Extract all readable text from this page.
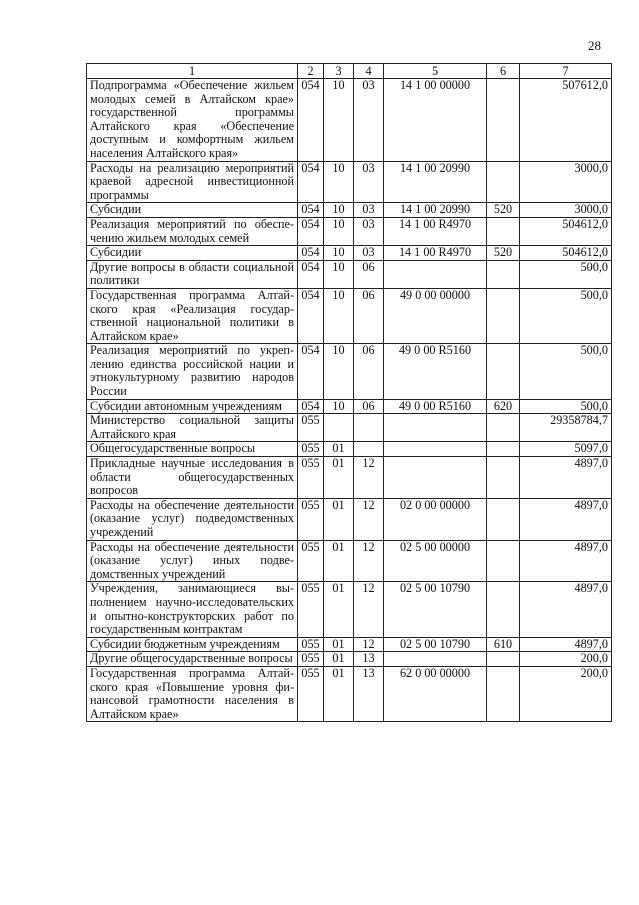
28
1	2	3	4	5	6	7
Подпрограмма «Обеспечение жильем молодых семей в Алтайском крае» государственной программы Алтайского края «Обеспечение доступным и комфортным жильем населения Алтайского края»	054	10	03	14 1 00 00000		507612,0
Расходы на реализацию мероприятий краевой адресной инвестиционной программы	054	10	03	14 1 00 20990		3000,0
Субсидии	054	10	03	14 1 00 20990	520	3000,0
Реализация мероприятий по обеспечению жильем молодых семей	054	10	03	14 1 00 R4970		504612,0
Субсидии	054	10	03	14 1 00 R4970	520	504612,0
Другие вопросы в области социальной политики	054	10	06			500,0
Государственная программа Алтайского края «Реализация государственной национальной политики в Алтайском крае»	054	10	06	49 0 00 00000		500,0
Реализация мероприятий по укреплению единства российской нации и этнокультурному развитию народов России	054	10	06	49 0 00 R5160		500,0
Субсидии автономным учреждениям	054	10	06	49 0 00 R5160	620	500,0
Министерство социальной защиты Алтайского края	055					29358784,7
Общегосударственные вопросы	055	01				5097,0
Прикладные научные исследования в области общегосударственных вопросов	055	01	12			4897,0
Расходы на обеспечение деятельности (оказание услуг) подведомственных учреждений	055	01	12	02 0 00 00000		4897,0
Расходы на обеспечение деятельности (оказание услуг) иных подведомственных учреждений	055	01	12	02 5 00 00000		4897,0
Учреждения, занимающиеся выполнением научно-исследовательских и опытно-конструкторских работ по государственным контрактам	055	01	12	02 5 00 10790		4897,0
Субсидии бюджетным учреждениям	055	01	12	02 5 00 10790	610	4897,0
Другие общегосударственные вопросы	055	01	13			200,0
Государственная программа Алтайского края «Повышение уровня финансовой грамотности населения в Алтайском крае»	055	01	13	62 0 00 00000		200,0
